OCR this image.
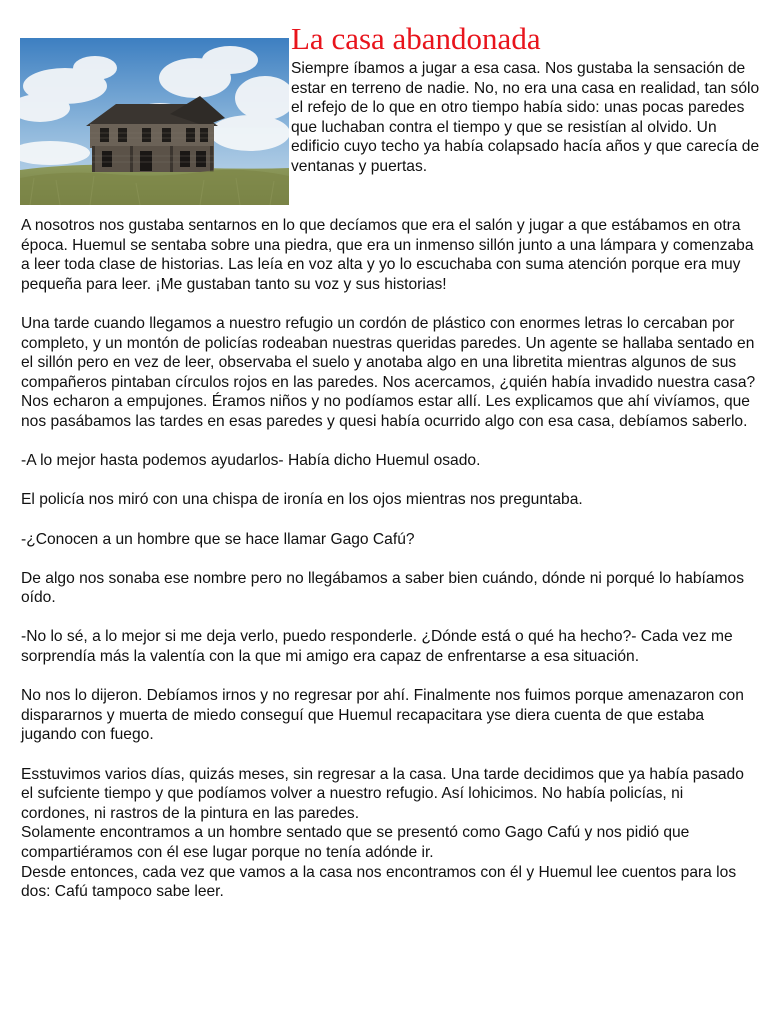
La casa abandonada

Siempre íbamos a jugar a esa casa. Nos gustaba la sensación de estar en terreno de nadie. No, no era una casa en realidad, tan sólo el refejo de lo que en otro tiempo había sido: unas pocas paredes que luchaban contra el tiempo y que se resistían al olvido. Un edificio cuyo techo ya había colapsado hacía años y que carecía de ventanas y puertas.

A nosotros nos gustaba sentarnos en lo que decíamos que era el salón y jugar a que estábamos en otra época. Huemul se sentaba sobre una piedra, que era un inmenso sillón junto a una lámpara y comenzaba a leer toda clase de historias. Las leía en voz alta y yo lo escuchaba con suma atención porque era muy pequeña para leer. ¡Me gustaban tanto su voz y sus historias!

Una tarde cuando llegamos a nuestro refugio un cordón de plástico con enormes letras lo cercaban por completo, y un montón de policías rodeaban nuestras queridas paredes. Un agente se hallaba sentado en el sillón pero en vez de leer, observaba el suelo y anotaba algo en una libretita mientras algunos de sus compañeros pintaban círculos rojos en las paredes. Nos acercamos, ¿quién había invadido nuestra casa? Nos echaron a empujones. Éramos niños y no podíamos estar allí. Les explicamos que ahí vivíamos, que nos pasábamos las tardes en esas paredes y quesi había ocurrido algo con esa casa, debíamos saberlo.

-A lo mejor hasta podemos ayudarlos- Había dicho Huemul osado.

El policía nos miró con una chispa de ironía en los ojos mientras nos preguntaba.

-¿Conocen a un hombre que se hace llamar Gago Cafú?

De algo nos sonaba ese nombre pero no llegábamos a saber bien cuándo, dónde ni porqué lo habíamos oído.

-No lo sé, a lo mejor si me deja verlo, puedo responderle. ¿Dónde está o qué ha hecho?- Cada vez me sorprendía más la valentía con la que mi amigo era capaz de enfrentarse a esa situación.

No nos lo dijeron. Debíamos irnos y no regresar por ahí. Finalmente nos fuimos porque amenazaron con dispararnos y muerta de miedo conseguí que Huemul recapacitara yse diera cuenta de que estaba jugando con fuego.

Esstuvimos varios días, quizás meses, sin regresar a la casa. Una tarde decidimos que ya había pasado el sufciente tiempo y que podíamos volver a nuestro refugio. Así lohicimos. No había policías, ni cordones, ni rastros de la pintura en las paredes.

Solamente encontramos a un hombre sentado que se presentó como Gago Cafú y nos pidió que compartiéramos con él ese lugar porque no tenía adónde ir.

Desde entonces, cada vez que vamos a la casa nos encontramos con él y Huemul lee cuentos para los dos: Cafú tampoco sabe leer.
